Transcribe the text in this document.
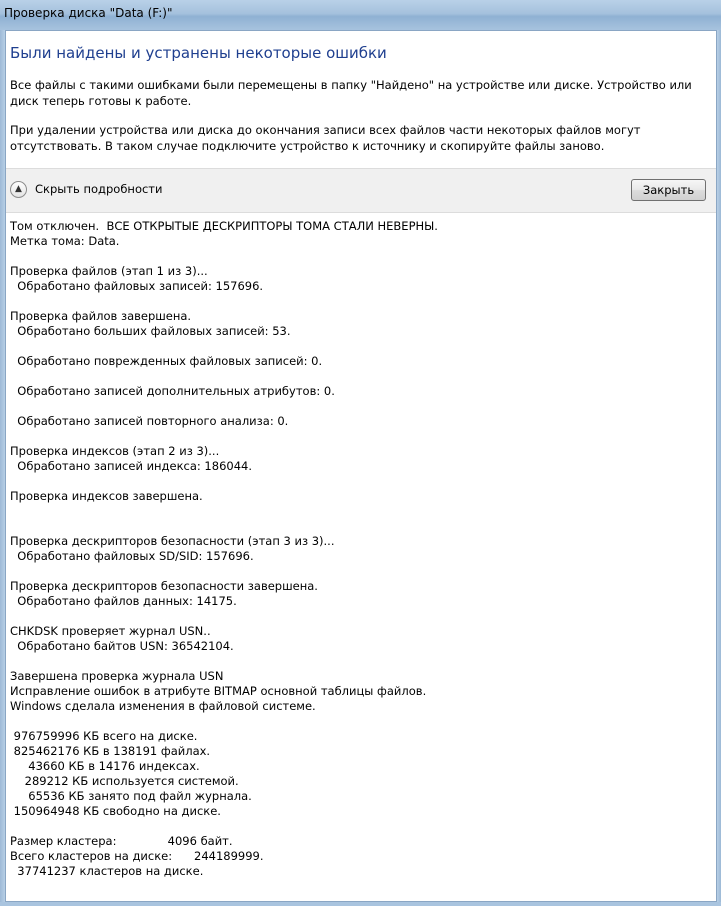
Проверка диска "Data (F:)"
Были найдены и устранены некоторые ошибки
Все файлы с такими ошибками были перемещены в папку "Найдено" на устройстве или диске. Устройство или диск теперь готовы к работе.
При удалении устройства или диска до окончания записи всех файлов части некоторых файлов могут отсутствовать. В таком случае подключите устройство к источнику и скопируйте файлы заново.
▲	Скрыть подробности	Закрыть
Том отключен.  ВСЕ ОТКРЫТЫЕ ДЕСКРИПТОРЫ ТОМА СТАЛИ НЕВЕРНЫ.
Метка тома: Data.

Проверка файлов (этап 1 из 3)...
Обработано файловых записей: 157696.

Проверка файлов завершена.
Обработано больших файловых записей: 53.

Обработано поврежденных файловых записей: 0.

Обработано записей дополнительных атрибутов: 0.

Обработано записей повторного анализа: 0.

Проверка индексов (этап 2 из 3)...
Обработано записей индекса: 186044.

Проверка индексов завершена.

Проверка дескрипторов безопасности (этап 3 из 3)...
Обработано файловых SD/SID: 157696.

Проверка дескрипторов безопасности завершена.
Обработано файлов данных: 14175.

CHKDSK проверяет журнал USN..
Обработано байтов USN: 36542104.

Завершена проверка журнала USN
Исправление ошибок в атрибуте BITMAP основной таблицы файлов.
Windows сделала изменения в файловой системе.

976759996 КБ всего на диске.
825462176 КБ в 138191 файлах.
43660 КБ в 14176 индексах.
289212 КБ используется системой.
65536 КБ занято под файл журнала.
150964948 КБ свободно на диске.

Размер кластера:              4096 байт.
Всего кластеров на диске:      244189999.
37741237 кластеров на диске.
